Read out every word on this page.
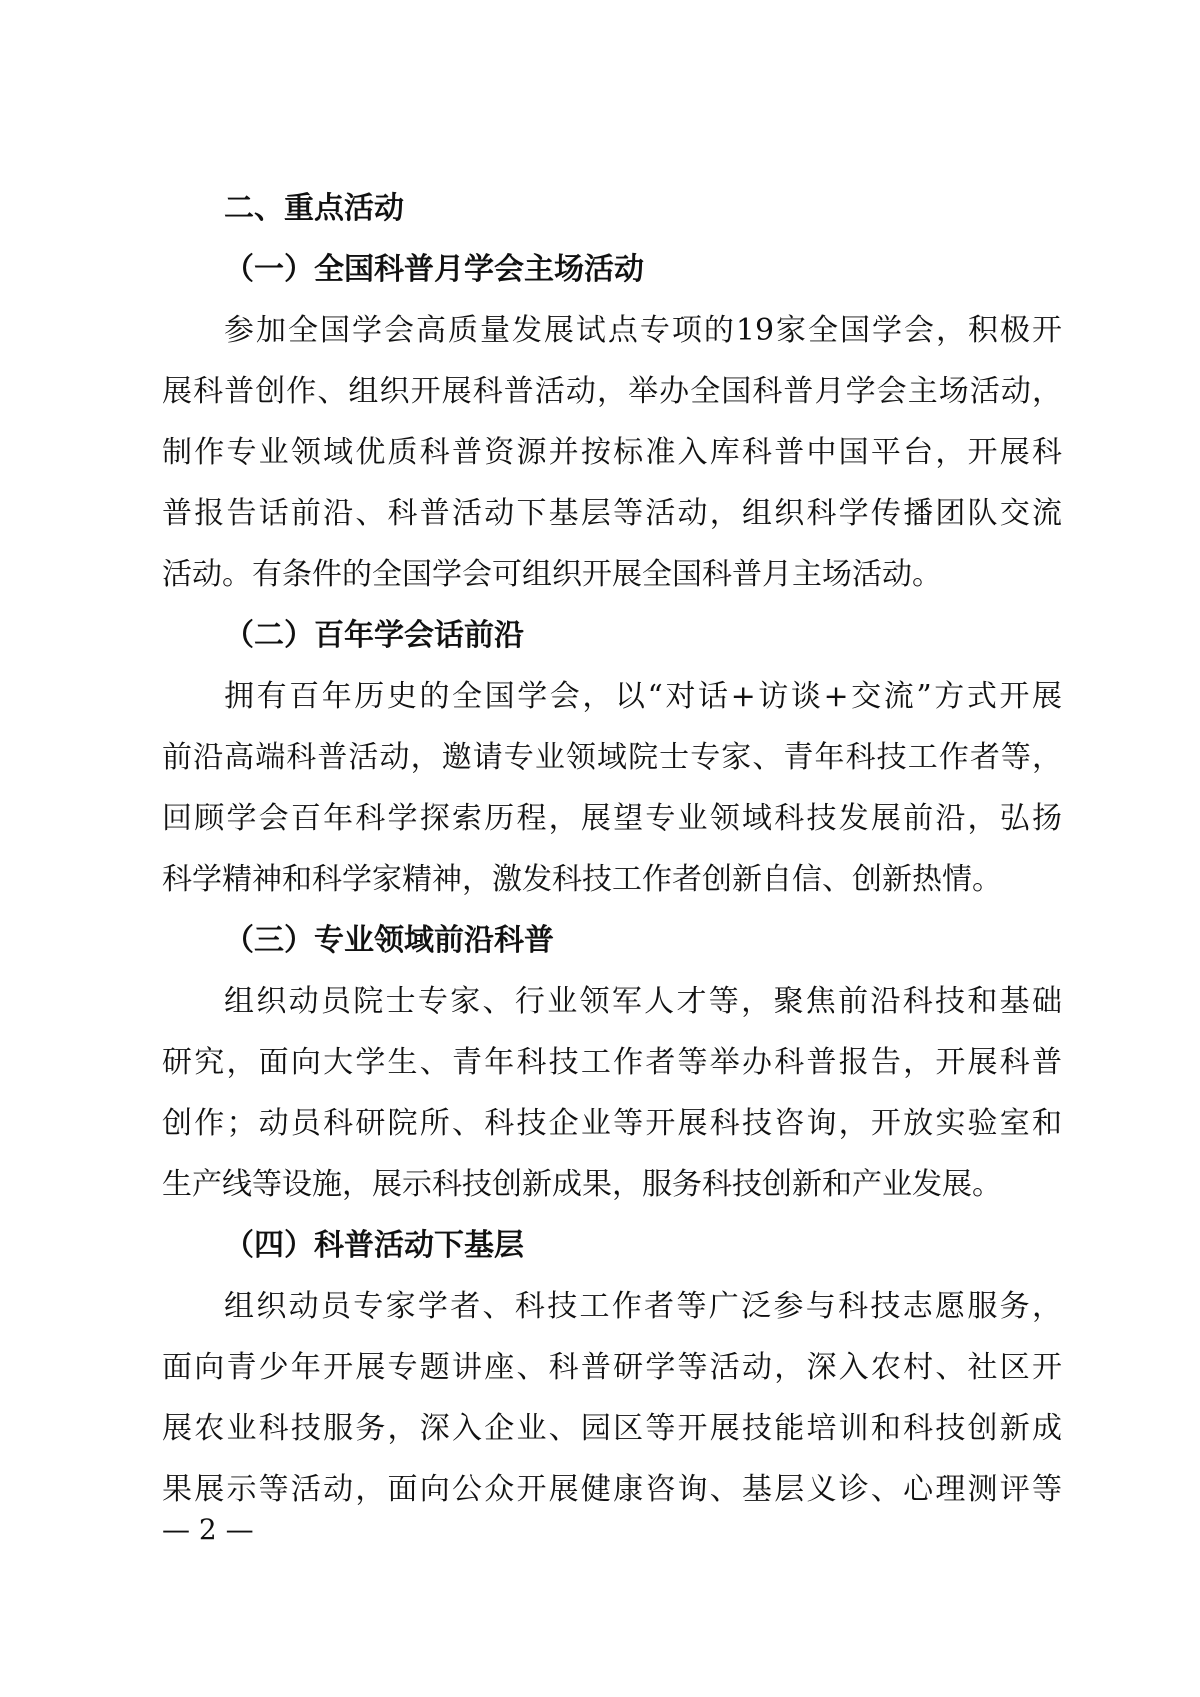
二、重点活动
（一）全国科普月学会主场活动

参加全国学会高质量发展试点专项的19家全国学会，积极开
展科普创作、组织开展科普活动，举办全国科普月学会主场活动，
制作专业领域优质科普资源并按标准入库科普中国平台，开展科
普报告话前沿、科普活动下基层等活动，组织科学传播团队交流
活动。有条件的全国学会可组织开展全国科普月主场活动。

（二）百年学会话前沿

拥有百年历史的全国学会，以“对话+访谈+交流”方式开展
前沿高端科普活动，邀请专业领域院士专家、青年科技工作者等，
回顾学会百年科学探索历程，展望专业领域科技发展前沿，弘扬
科学精神和科学家精神，激发科技工作者创新自信、创新热情。

（三）专业领域前沿科普

组织动员院士专家、行业领军人才等，聚焦前沿科技和基础
研究，面向大学生、青年科技工作者等举办科普报告，开展科普
创作；动员科研院所、科技企业等开展科技咨询，开放实验室和
生产线等设施，展示科技创新成果，服务科技创新和产业发展。

（四）科普活动下基层

组织动员专家学者、科技工作者等广泛参与科技志愿服务，
面向青少年开展专题讲座、科普研学等活动，深入农村、社区开
展农业科技服务，深入企业、园区等开展技能培训和科技创新成
果展示等活动，面向公众开展健康咨询、基层义诊、心理测评等

— 2 —
